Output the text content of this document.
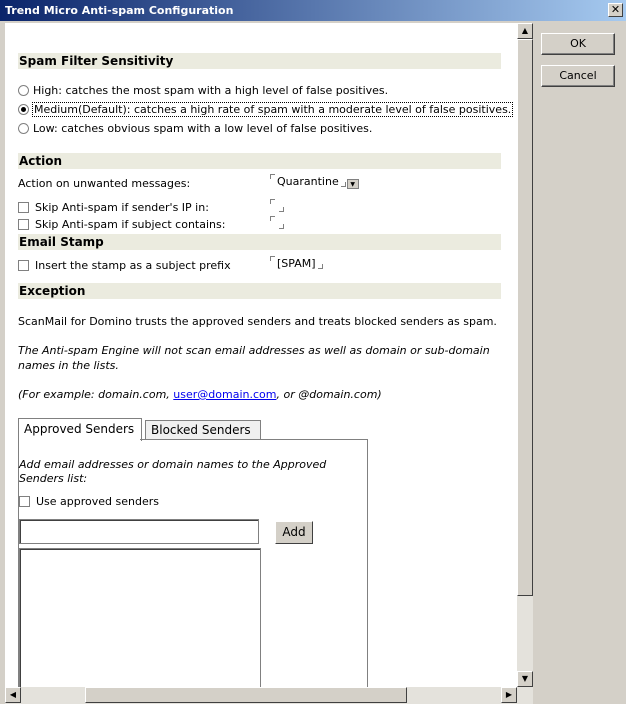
Trend Micro Anti-spam Configuration	✕
OK
Cancel
Spam Filter Sensitivity
High: catches the most spam with a high level of false positives.
Medium(Default): catches a high rate of spam with a moderate level of false positives.
Low: catches obvious spam with a low level of false positives.
Action
Action on unwanted messages:	Quarantine ▼
Skip Anti-spam if sender's IP in:
Skip Anti-spam if subject contains:
Email Stamp
Insert the stamp as a subject prefix	[SPAM]
Exception
ScanMail for Domino trusts the approved senders and treats blocked senders as spam.
The Anti-spam Engine will not scan email addresses as well as domain or sub-domain names in the lists.
(For example: domain.com, user@domain.com, or @domain.com)
Approved Senders	Blocked Senders
Add email addresses or domain names to the Approved Senders list:
Use approved senders
Add
▲
▼
◀	▶
